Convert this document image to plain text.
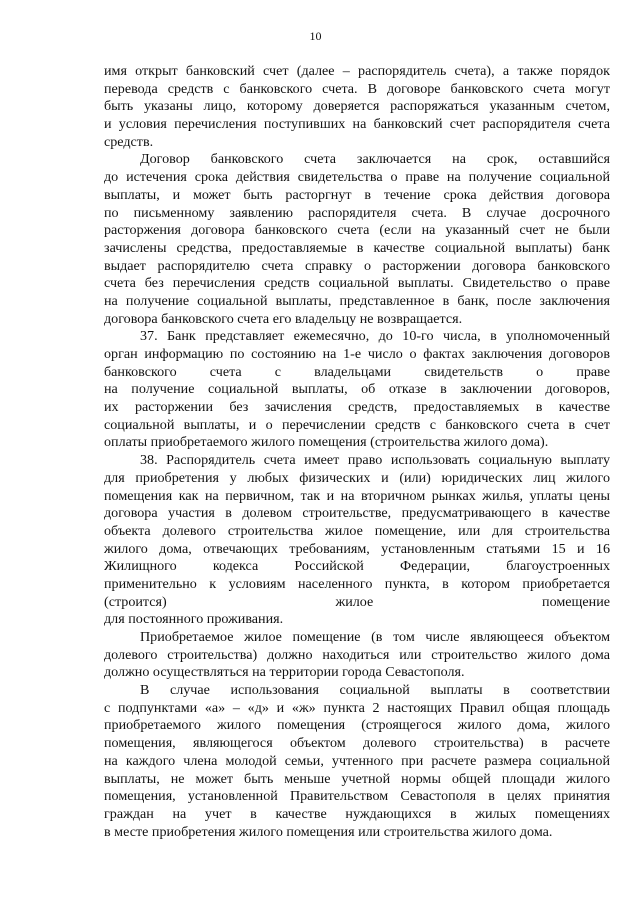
10
имя открыт банковский счет (далее – распорядитель счета), а также порядок
перевода средств с банковского счета. В договоре банковского счета могут
быть указаны лицо, которому доверяется распоряжаться указанным счетом,
и условия перечисления поступивших на банковский счет распорядителя счета
средств.
Договор банковского счета заключается на срок, оставшийся
до истечения срока действия свидетельства о праве на получение социальной
выплаты, и может быть расторгнут в течение срока действия договора
по письменному заявлению распорядителя счета. В случае досрочного
расторжения договора банковского счета (если на указанный счет не были
зачислены средства, предоставляемые в качестве социальной выплаты) банк
выдает распорядителю счета справку о расторжении договора банковского
счета без перечисления средств социальной выплаты. Свидетельство о праве
на получение социальной выплаты, представленное в банк, после заключения
договора банковского счета его владельцу не возвращается.
37. Банк представляет ежемесячно, до 10-го числа, в уполномоченный
орган информацию по состоянию на 1-е число о фактах заключения договоров
банковского счета с владельцами свидетельств о праве
на получение социальной выплаты, об отказе в заключении договоров,
их расторжении без зачисления средств, предоставляемых в качестве
социальной выплаты, и о перечислении средств с банковского счета в счет
оплаты приобретаемого жилого помещения (строительства жилого дома).
38. Распорядитель счета имеет право использовать социальную выплату
для приобретения у любых физических и (или) юридических лиц жилого
помещения как на первичном, так и на вторичном рынках жилья, уплаты цены
договора участия в долевом строительстве, предусматривающего в качестве
объекта долевого строительства жилое помещение, или для строительства
жилого дома, отвечающих требованиям, установленным статьями 15 и 16
Жилищного кодекса Российской Федерации, благоустроенных
применительно к условиям населенного пункта, в котором приобретается
(строится) жилое помещение
для постоянного проживания.
Приобретаемое жилое помещение (в том числе являющееся объектом
долевого строительства) должно находиться или строительство жилого дома
должно осуществляться на территории города Севастополя.
В случае использования социальной выплаты в соответствии
с подпунктами «а» – «д» и «ж» пункта 2 настоящих Правил общая площадь
приобретаемого жилого помещения (строящегося жилого дома, жилого
помещения, являющегося объектом долевого строительства) в расчете
на каждого члена молодой семьи, учтенного при расчете размера социальной
выплаты, не может быть меньше учетной нормы общей площади жилого
помещения, установленной Правительством Севастополя в целях принятия
граждан на учет в качестве нуждающихся в жилых помещениях
в месте приобретения жилого помещения или строительства жилого дома.
